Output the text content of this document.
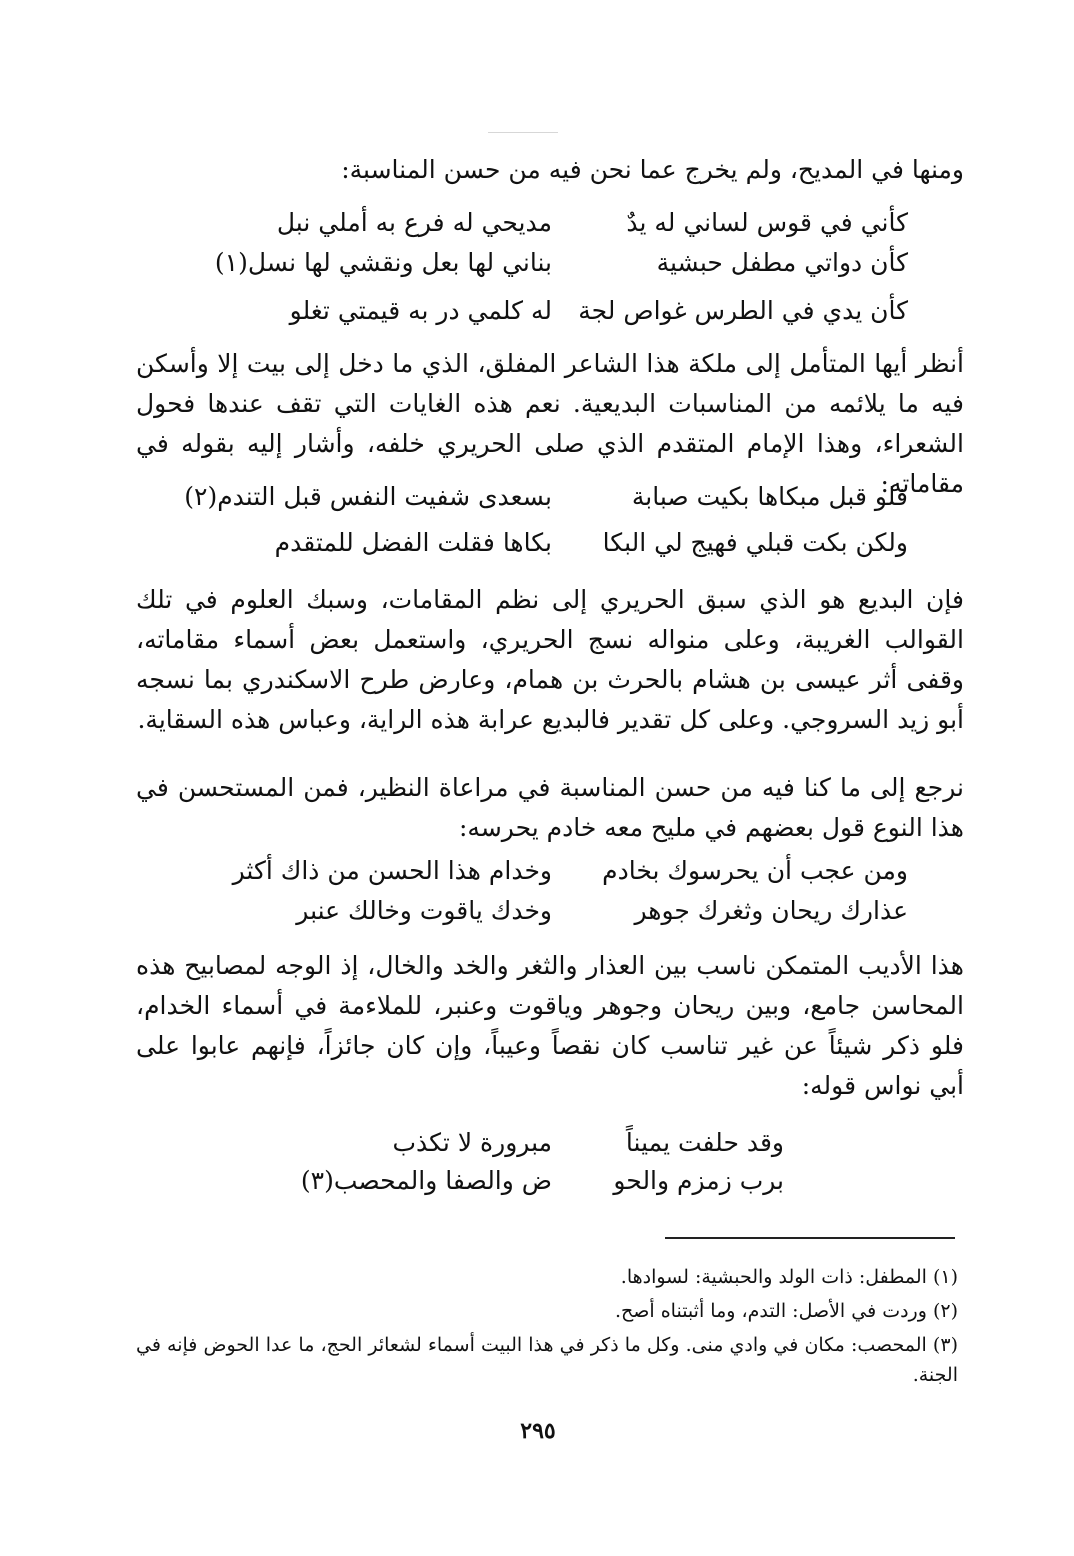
ومنها في المديح، ولم يخرج عما نحن فيه من حسن المناسبة:

كأني في قوس لساني له يدٌ
مديحي له فرع به أملي نبل
كأن دواتي مطفل حبشية
بناني لها بعل ونقشي لها نسل(١)
كأن يدي في الطرس غواص لجة
له كلمي در به قيمتي تغلو

أنظر أيها المتأمل إلى ملكة هذا الشاعر المفلق، الذي ما دخل إلى بيت إلا وأسكن فيه ما يلائمه من المناسبات البديعية. نعم هذه الغايات التي تقف عندها فحول الشعراء، وهذا الإمام المتقدم الذي صلى الحريري خلفه، وأشار إليه بقوله في مقاماته:

فلو قبل مبكاها بكيت صبابة
بسعدى شفيت النفس قبل التندم(٢)
ولكن بكت قبلي فهيج لي البكا
بكاها فقلت الفضل للمتقدم

فإن البديع هو الذي سبق الحريري إلى نظم المقامات، وسبك العلوم في تلك القوالب الغريبة، وعلى منواله نسج الحريري، واستعمل بعض أسماء مقاماته، وقفى أثر عيسى بن هشام بالحرث بن همام، وعارض طرح الاسكندري بما نسجه أبو زيد السروجي. وعلى كل تقدير فالبديع عرابة هذه الراية، وعباس هذه السقاية.

نرجع إلى ما كنا فيه من حسن المناسبة في مراعاة النظير، فمن المستحسن في هذا النوع قول بعضهم في مليح معه خادم يحرسه:

ومن عجب أن يحرسوك بخادم
وخدام هذا الحسن من ذاك أكثر
عذارك ريحان وثغرك جوهر
وخدك ياقوت وخالك عنبر

هذا الأديب المتمكن ناسب بين العذار والثغر والخد والخال، إذ الوجه لمصابيح هذه المحاسن جامع، وبين ريحان وجوهر وياقوت وعنبر، للملاءمة في أسماء الخدام، فلو ذكر شيئاً عن غير تناسب كان نقصاً وعيباً، وإن كان جائزاً، فإنهم عابوا على أبي نواس قوله:

وقد حلفت يميناً
مبرورة لا تكذب
برب زمزم والحو
ض والصفا والمحصب(٣)

(١) المطفل: ذات الولد والحبشية: لسوادها.

(٢) وردت في الأصل: التدم، وما أثبتناه أصح.

(٣) المحصب: مكان في وادي منى. وكل ما ذكر في هذا البيت أسماء لشعائر الحج، ما عدا الحوض فإنه في الجنة.

٢٩٥
